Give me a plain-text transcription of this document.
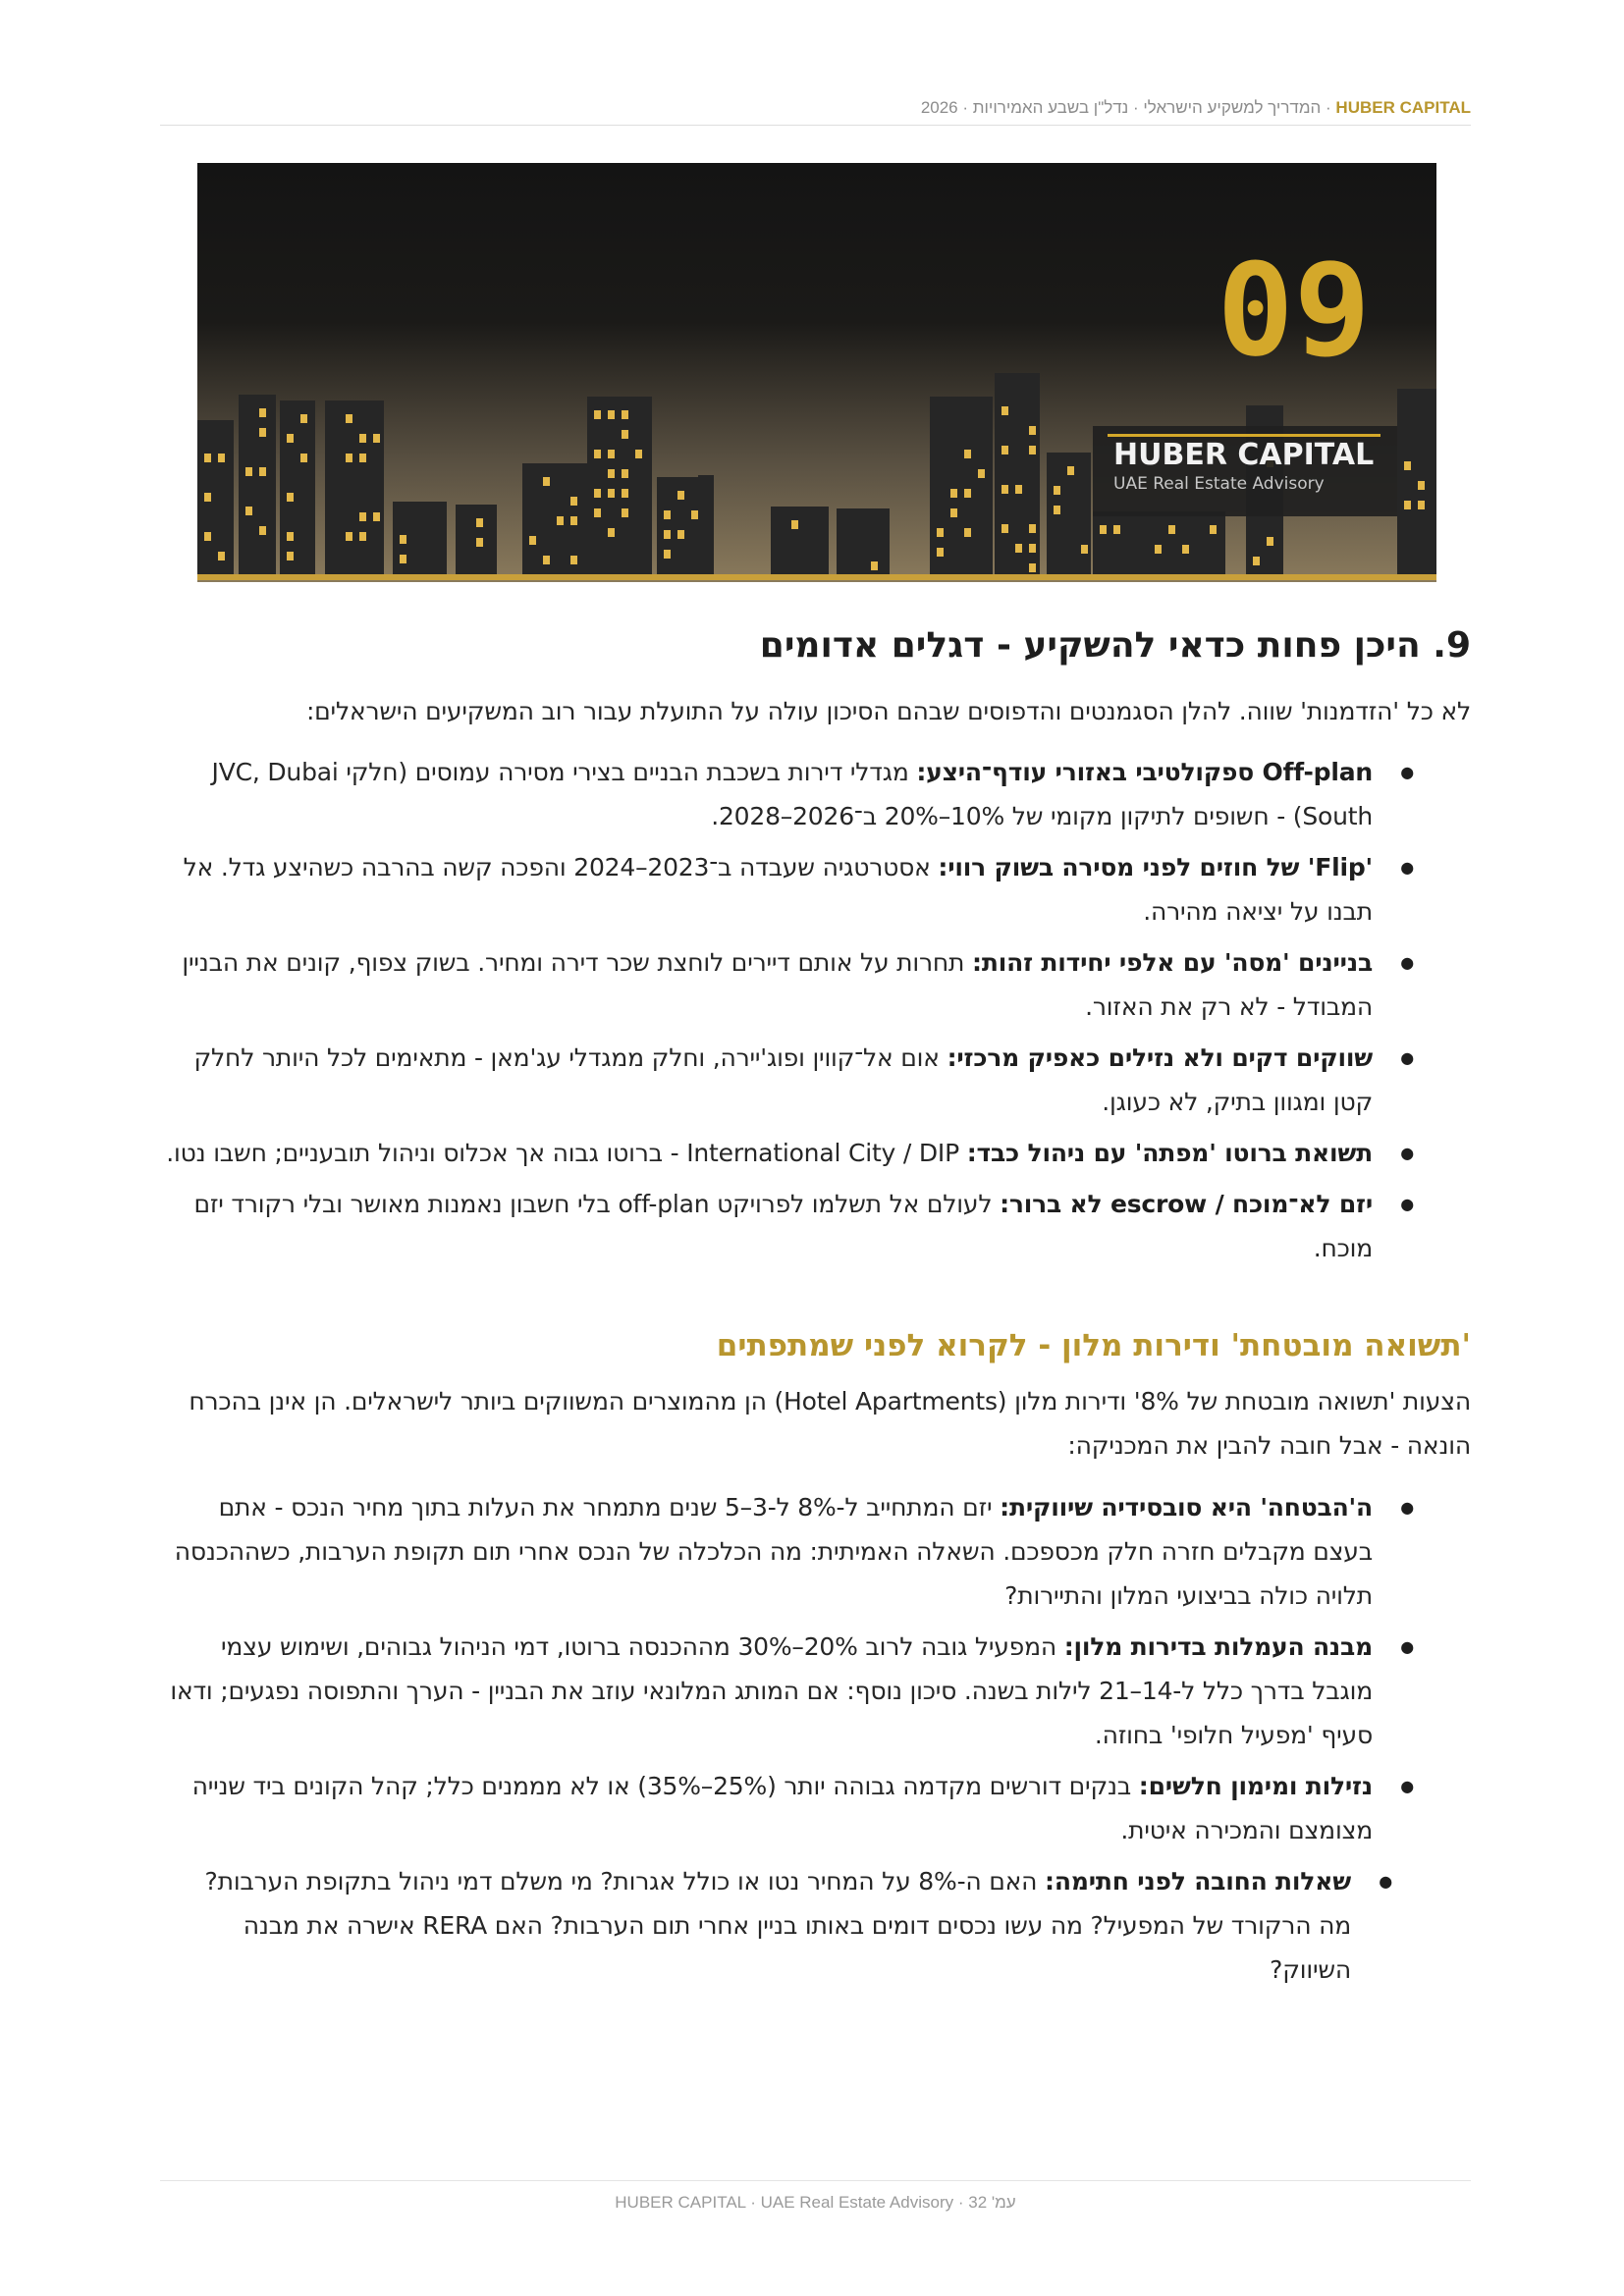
HUBER CAPITAL · המדריך למשקיע הישראלי · נדל"ן בשבע האמירויות · 2026
09
HUBER CAPITAL
UAE Real Estate Advisory
9. היכן פחות כדאי להשקיע - דגלים אדומים

לא כל 'הזדמנות' שווה. להלן הסגמנטים והדפוסים שבהם הסיכון עולה על התועלת עבור רוב המשקיעים הישראלים:

● Off-plan ספקולטיבי באזורי עודף־היצע: מגדלי דירות בשכבת הבניים בצירי מסירה עמוסים (חלקי JVC, Dubai South) - חשופים לתיקון מקומי של 10%–20% ב־2026–2028.
● 'Flip' של חוזים לפני מסירה בשוק רווי: אסטרטגיה שעבדה ב־2023–2024 והפכה קשה בהרבה כשהיצע גדל. אל תבנו על יציאה מהירה.
● בניינים 'מסה' עם אלפי יחידות זהות: תחרות על אותם דיירים לוחצת שכר דירה ומחיר. בשוק צפוף, קונים את הבניין המבודל - לא רק את האזור.
● שווקים דקים ולא נזילים כאפיק מרכזי: אום אל־קווין ופוג'יירה, וחלק ממגדלי עג'מאן - מתאימים לכל היותר לחלק קטן ומגוון בתיק, לא כעוגן.
● תשואת ברוטו 'מפתה' עם ניהול כבד: International City / DIP - ברוטו גבוה אך אכלוס וניהול תובעניים; חשבו נטו.
● יזם לא־מוכח / escrow לא ברור: לעולם אל תשלמו לפרויקט off-plan בלי חשבון נאמנות מאושר ובלי רקורד יזם מוכח.
'תשואה מובטחת' ודירות מלון - לקרוא לפני שמתפתים

הצעות 'תשואה מובטחת של 8%' ודירות מלון (Hotel Apartments) הן מהמוצרים המשווקים ביותר לישראלים. הן אינן בהכרח הונאה - אבל חובה להבין את המכניקה:

● ה'הבטחה' היא סובסידיה שיווקית: יזם המתחייב ל-8% ל-3–5 שנים מתמחר את העלות בתוך מחיר הנכס - אתם בעצם מקבלים חזרה חלק מכספכם. השאלה האמיתית: מה הכלכלה של הנכס אחרי תום תקופת הערבות, כשההכנסה תלויה כולה בביצועי המלון והתיירות?
● מבנה העמלות בדירות מלון: המפעיל גובה לרוב 20%–30% מההכנסה ברוטו, דמי הניהול גבוהים, ושימוש עצמי מוגבל בדרך כלל ל-14–21 לילות בשנה. סיכון נוסף: אם המותג המלונאי עוזב את הבניין - הערך והתפוסה נפגעים; ודאו סעיף 'מפעיל חלופי' בחוזה.
● נזילות ומימון חלשים: בנקים דורשים מקדמה גבוהה יותר (25%–35%) או לא מממנים כלל; קהל הקונים ביד שנייה מצומצם והמכירה איטית.
● שאלות החובה לפני חתימה: האם ה-8% על המחיר נטו או כולל אגרות? מי משלם דמי ניהול בתקופת הערבות? מה הרקורד של המפעיל? מה עשו נכסים דומים באותו בניין אחרי תום הערבות? האם RERA אישרה את מבנה השיווק?
עמ' 32 · HUBER CAPITAL · UAE Real Estate Advisory
